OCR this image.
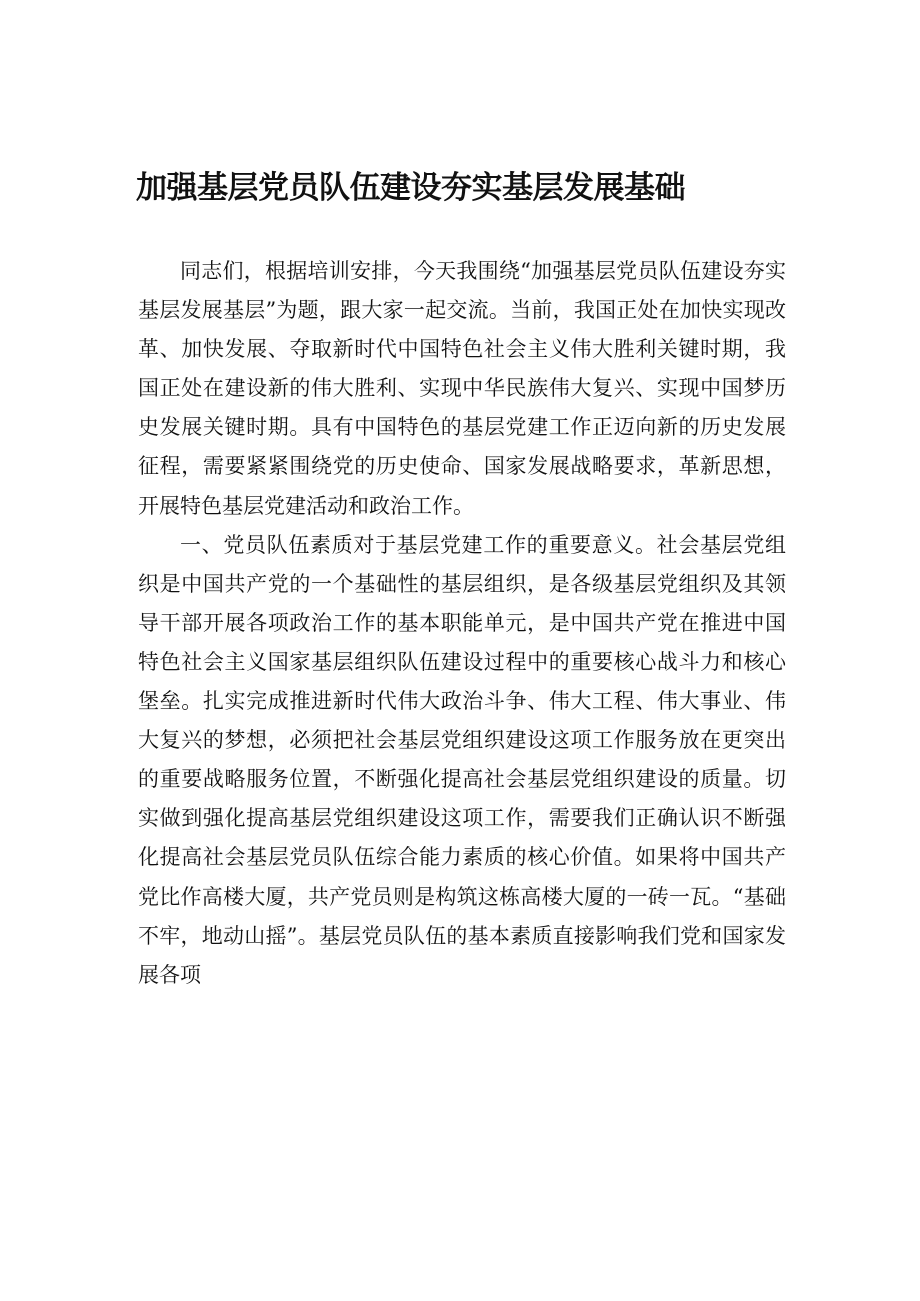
加强基层党员队伍建设夯实基层发展基础

同志们，根据培训安排，今天我围绕“加强基层党员队伍建设夯实基层发展基层”为题，跟大家一起交流。当前，我国正处在加快实现改革、加快发展、夺取新时代中国特色社会主义伟大胜利关键时期，我国正处在建设新的伟大胜利、实现中华民族伟大复兴、实现中国梦历史发展关键时期。具有中国特色的基层党建工作正迈向新的历史发展征程，需要紧紧围绕党的历史使命、国家发展战略要求，革新思想，开展特色基层党建活动和政治工作。

一、党员队伍素质对于基层党建工作的重要意义。社会基层党组织是中国共产党的一个基础性的基层组织，是各级基层党组织及其领导干部开展各项政治工作的基本职能单元，是中国共产党在推进中国特色社会主义国家基层组织队伍建设过程中的重要核心战斗力和核心堡垒。扎实完成推进新时代伟大政治斗争、伟大工程、伟大事业、伟大复兴的梦想，必须把社会基层党组织建设这项工作服务放在更突出的重要战略服务位置，不断强化提高社会基层党组织建设的质量。切实做到强化提高基层党组织建设这项工作，需要我们正确认识不断强化提高社会基层党员队伍综合能力素质的核心价值。如果将中国共产党比作高楼大厦，共产党员则是构筑这栋高楼大厦的一砖一瓦。“基础不牢，地动山摇”。基层党员队伍的基本素质直接影响我们党和国家发展各项
